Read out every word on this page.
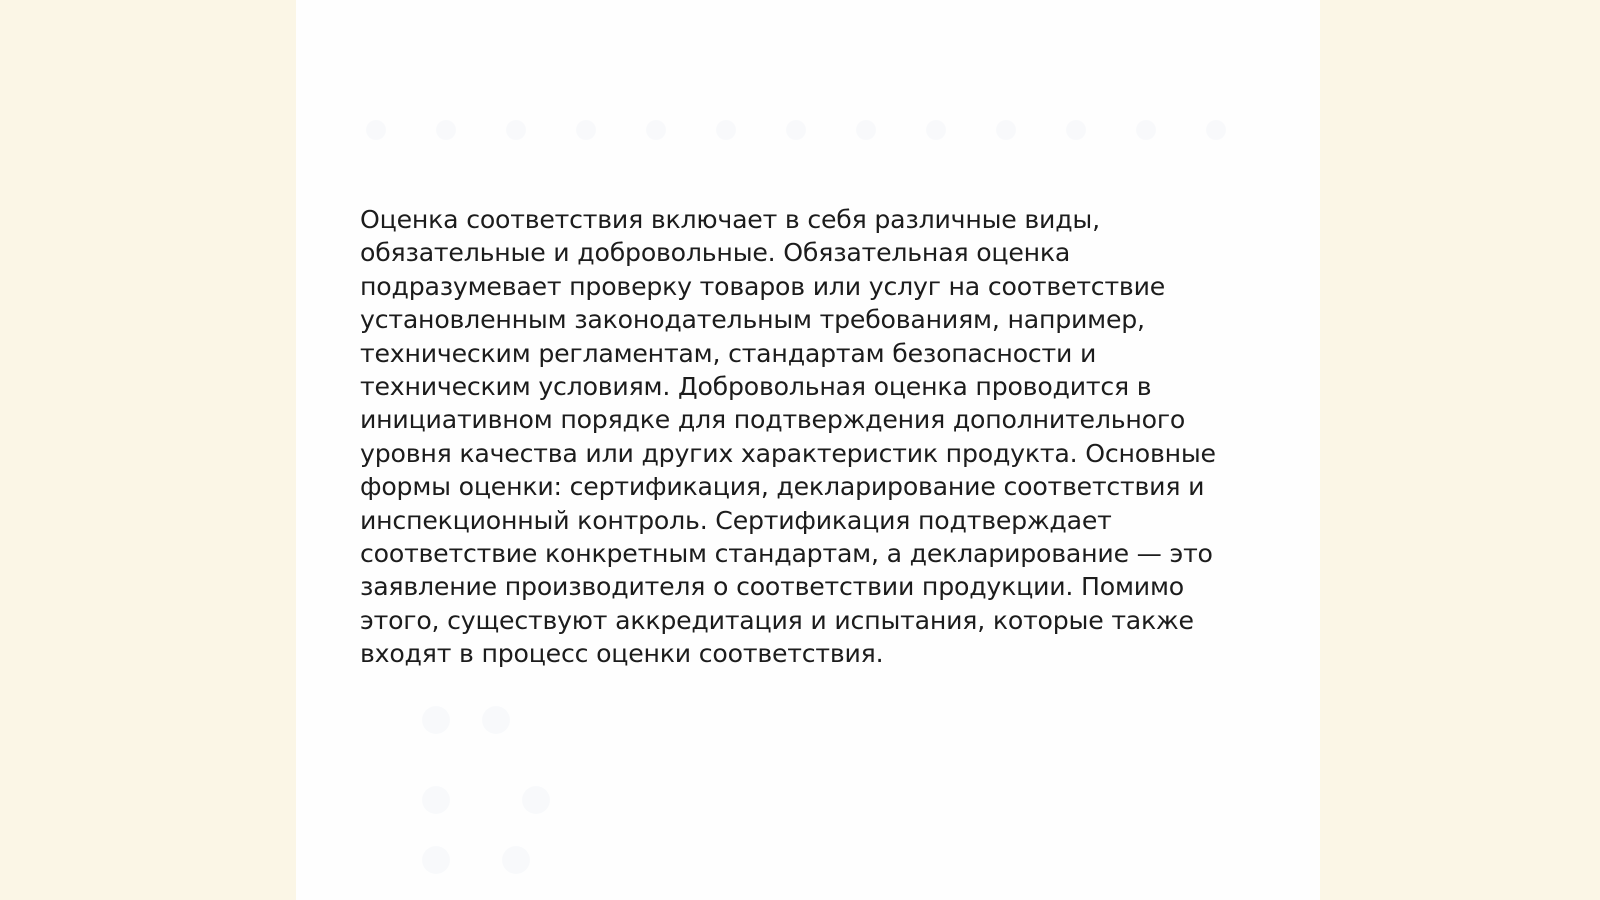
Оценка соответствия включает в себя различные виды,
обязательные и добровольные. Обязательная оценка
подразумевает проверку товаров или услуг на соответствие
установленным законодательным требованиям, например,
техническим регламентам, стандартам безопасности и
техническим условиям. Добровольная оценка проводится в
инициативном порядке для подтверждения дополнительного
уровня качества или других характеристик продукта. Основные
формы оценки: сертификация, декларирование соответствия и
инспекционный контроль. Сертификация подтверждает
соответствие конкретным стандартам, а декларирование — это
заявление производителя о соответствии продукции. Помимо
этого, существуют аккредитация и испытания, которые также
входят в процесс оценки соответствия.
